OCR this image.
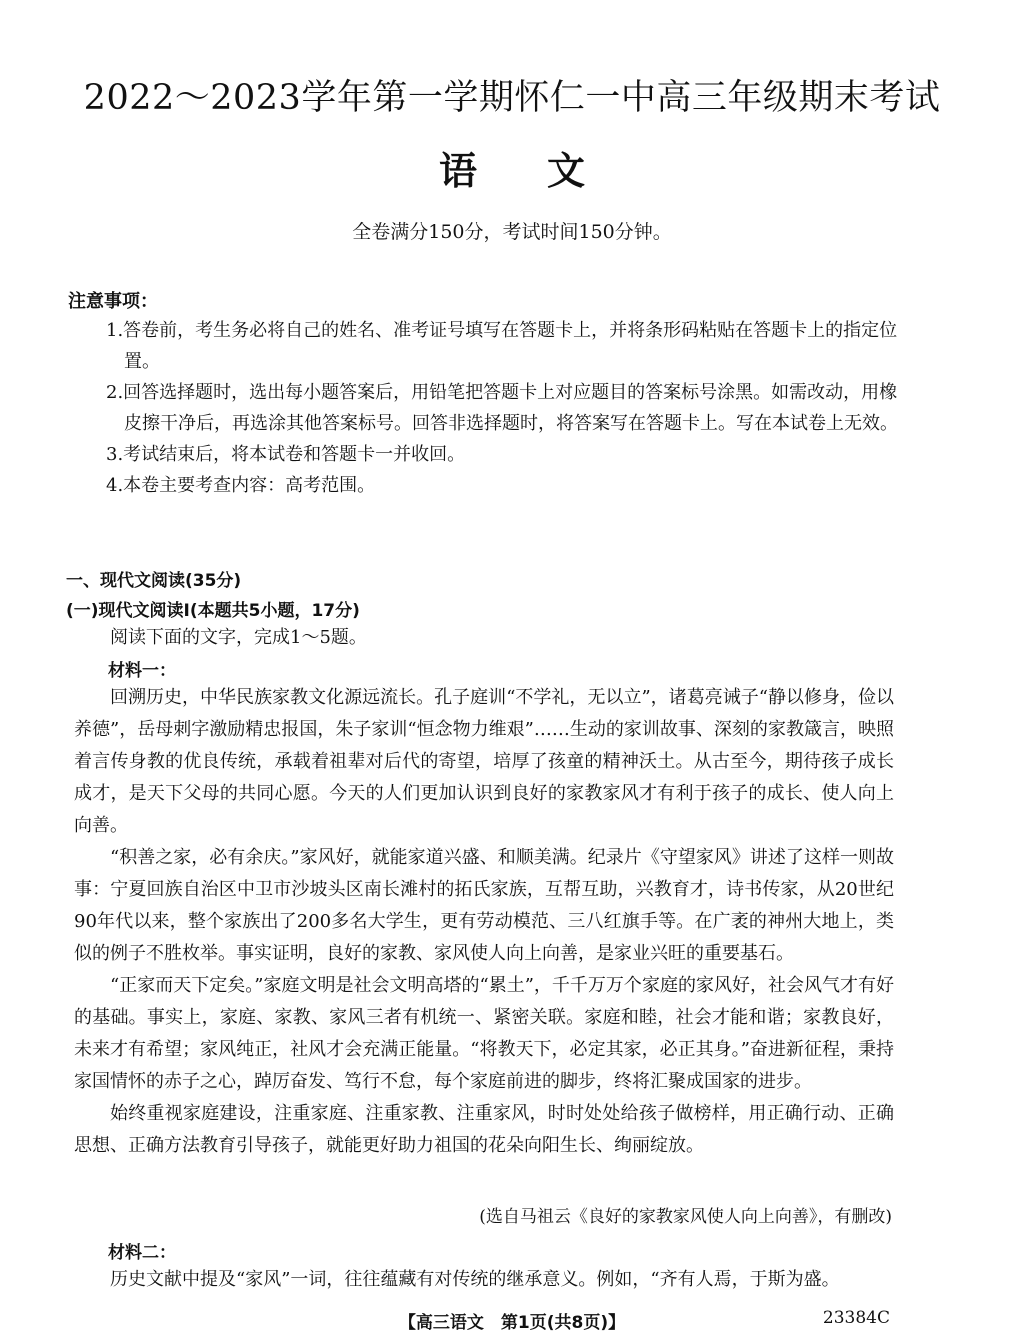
2022～2023学年第一学期怀仁一中高三年级期末考试
语文
全卷满分150分，考试时间150分钟。
注意事项：
1.答卷前，考生务必将自己的姓名、准考证号填写在答题卡上，并将条形码粘贴在答题卡上的指定位置。
2.回答选择题时，选出每小题答案后，用铅笔把答题卡上对应题目的答案标号涂黑。如需改动，用橡皮擦干净后，再选涂其他答案标号。回答非选择题时，将答案写在答题卡上。写在本试卷上无效。
3.考试结束后，将本试卷和答题卡一并收回。
4.本卷主要考查内容：高考范围。
一、现代文阅读(35分)
(一)现代文阅读Ⅰ(本题共5小题，17分)
阅读下面的文字，完成1～5题。
材料一：

回溯历史，中华民族家教文化源远流长。孔子庭训“不学礼，无以立”，诸葛亮诫子“静以修身，俭以养德”，岳母刺字激励精忠报国，朱子家训“恒念物力维艰”……生动的家训故事、深刻的家教箴言，映照着言传身教的优良传统，承载着祖辈对后代的寄望，培厚了孩童的精神沃土。从古至今，期待孩子成长成才，是天下父母的共同心愿。今天的人们更加认识到良好的家教家风才有利于孩子的成长、使人向上向善。

“积善之家，必有余庆。”家风好，就能家道兴盛、和顺美满。纪录片《守望家风》讲述了这样一则故事：宁夏回族自治区中卫市沙坡头区南长滩村的拓氏家族，互帮互助，兴教育才，诗书传家，从20世纪90年代以来，整个家族出了200多名大学生，更有劳动模范、三八红旗手等。在广袤的神州大地上，类似的例子不胜枚举。事实证明，良好的家教、家风使人向上向善，是家业兴旺的重要基石。

“正家而天下定矣。”家庭文明是社会文明高塔的“累土”，千千万万个家庭的家风好，社会风气才有好的基础。事实上，家庭、家教、家风三者有机统一、紧密关联。家庭和睦，社会才能和谐；家教良好，未来才有希望；家风纯正，社风才会充满正能量。“将教天下，必定其家，必正其身。”奋进新征程，秉持家国情怀的赤子之心，踔厉奋发、笃行不怠，每个家庭前进的脚步，终将汇聚成国家的进步。

始终重视家庭建设，注重家庭、注重家教、注重家风，时时处处给孩子做榜样，用正确行动、正确思想、正确方法教育引导孩子，就能更好助力祖国的花朵向阳生长、绚丽绽放。

(选自马祖云《良好的家教家风使人向上向善》，有删改)
材料二：

历史文献中提及“家风”一词，往往蕴藏有对传统的继承意义。例如，“齐有人焉，于斯为盛。

【高三语文　第1页(共8页)】	23384C
